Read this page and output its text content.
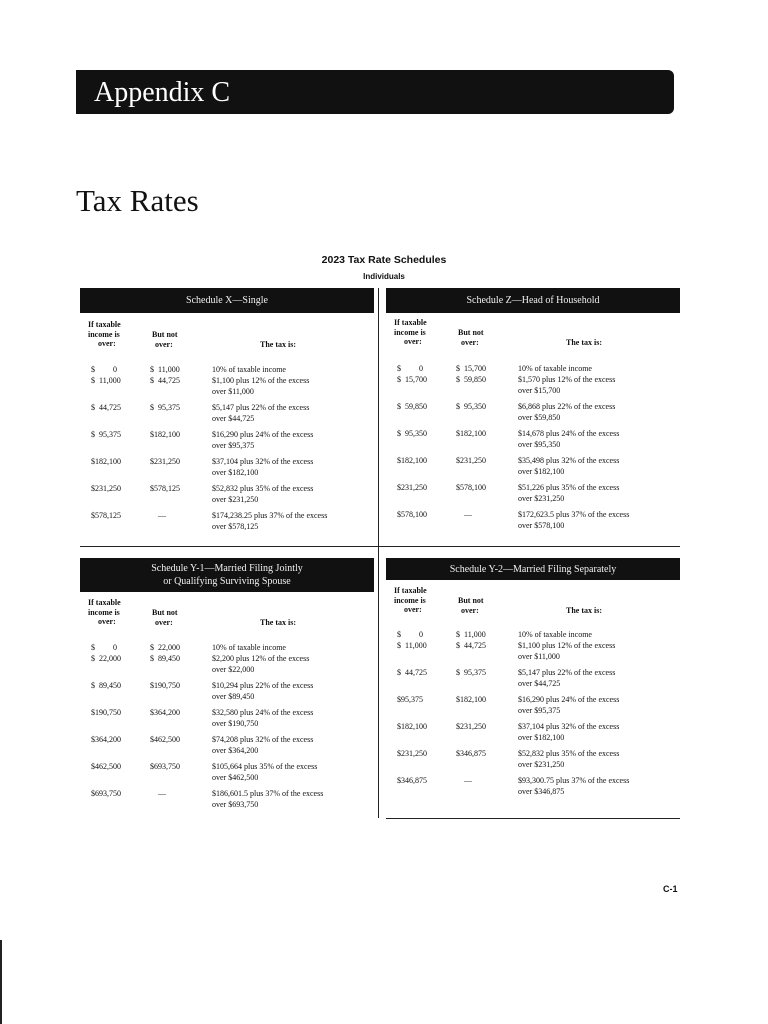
Appendix C
Tax Rates
2023 Tax Rate Schedules
Individuals
Schedule X—Single
If taxable
income is
over:
But not
over:	The tax is:
$         0	$  11,000	10% of taxable income
$  11,000	$  44,725	$1,100 plus 12% of the excess
over $11,000
$  44,725	$  95,375	$5,147 plus 22% of the excess
over $44,725
$  95,375	$182,100	$16,290 plus 24% of the excess
over $95,375
$182,100	$231,250	$37,104 plus 32% of the excess
over $182,100
$231,250	$578,125	$52,832 plus 35% of the excess
over $231,250
$578,125	—	$174,238.25 plus 37% of the excess
over $578,125
Schedule Z—Head of Household
If taxable
income is
over:
But not
over:	The tax is:
$         0	$  15,700	10% of taxable income
$  15,700	$  59,850	$1,570 plus 12% of the excess
over $15,700
$  59,850	$  95,350	$6,868 plus 22% of the excess
over $59,850
$  95,350	$182,100	$14,678 plus 24% of the excess
over $95,350
$182,100	$231,250	$35,498 plus 32% of the excess
over $182,100
$231,250	$578,100	$51,226 plus 35% of the excess
over $231,250
$578,100	—	$172,623.5 plus 37% of the excess
over $578,100
Schedule Y-1—Married Filing Jointly
or Qualifying Surviving Spouse
If taxable
income is
over:
But not
over:	The tax is:
$         0	$  22,000	10% of taxable income
$  22,000	$  89,450	$2,200 plus 12% of the excess
over $22,000
$  89,450	$190,750	$10,294 plus 22% of the excess
over $89,450
$190,750	$364,200	$32,580 plus 24% of the excess
over $190,750
$364,200	$462,500	$74,208 plus 32% of the excess
over $364,200
$462,500	$693,750	$105,664 plus 35% of the excess
over $462,500
$693,750	—	$186,601.5 plus 37% of the excess
over $693,750
Schedule Y-2—Married Filing Separately
If taxable
income is
over:
But not
over:	The tax is:
$         0	$  11,000	10% of taxable income
$  11,000	$  44,725	$1,100 plus 12% of the excess
over $11,000
$  44,725	$  95,375	$5,147 plus 22% of the excess
over $44,725
$95,375	$182,100	$16,290 plus 24% of the excess
over $95,375
$182,100	$231,250	$37,104 plus 32% of the excess
over $182,100
$231,250	$346,875	$52,832 plus 35% of the excess
over $231,250
$346,875	—	$93,300.75 plus 37% of the excess
over $346,875
C-1
